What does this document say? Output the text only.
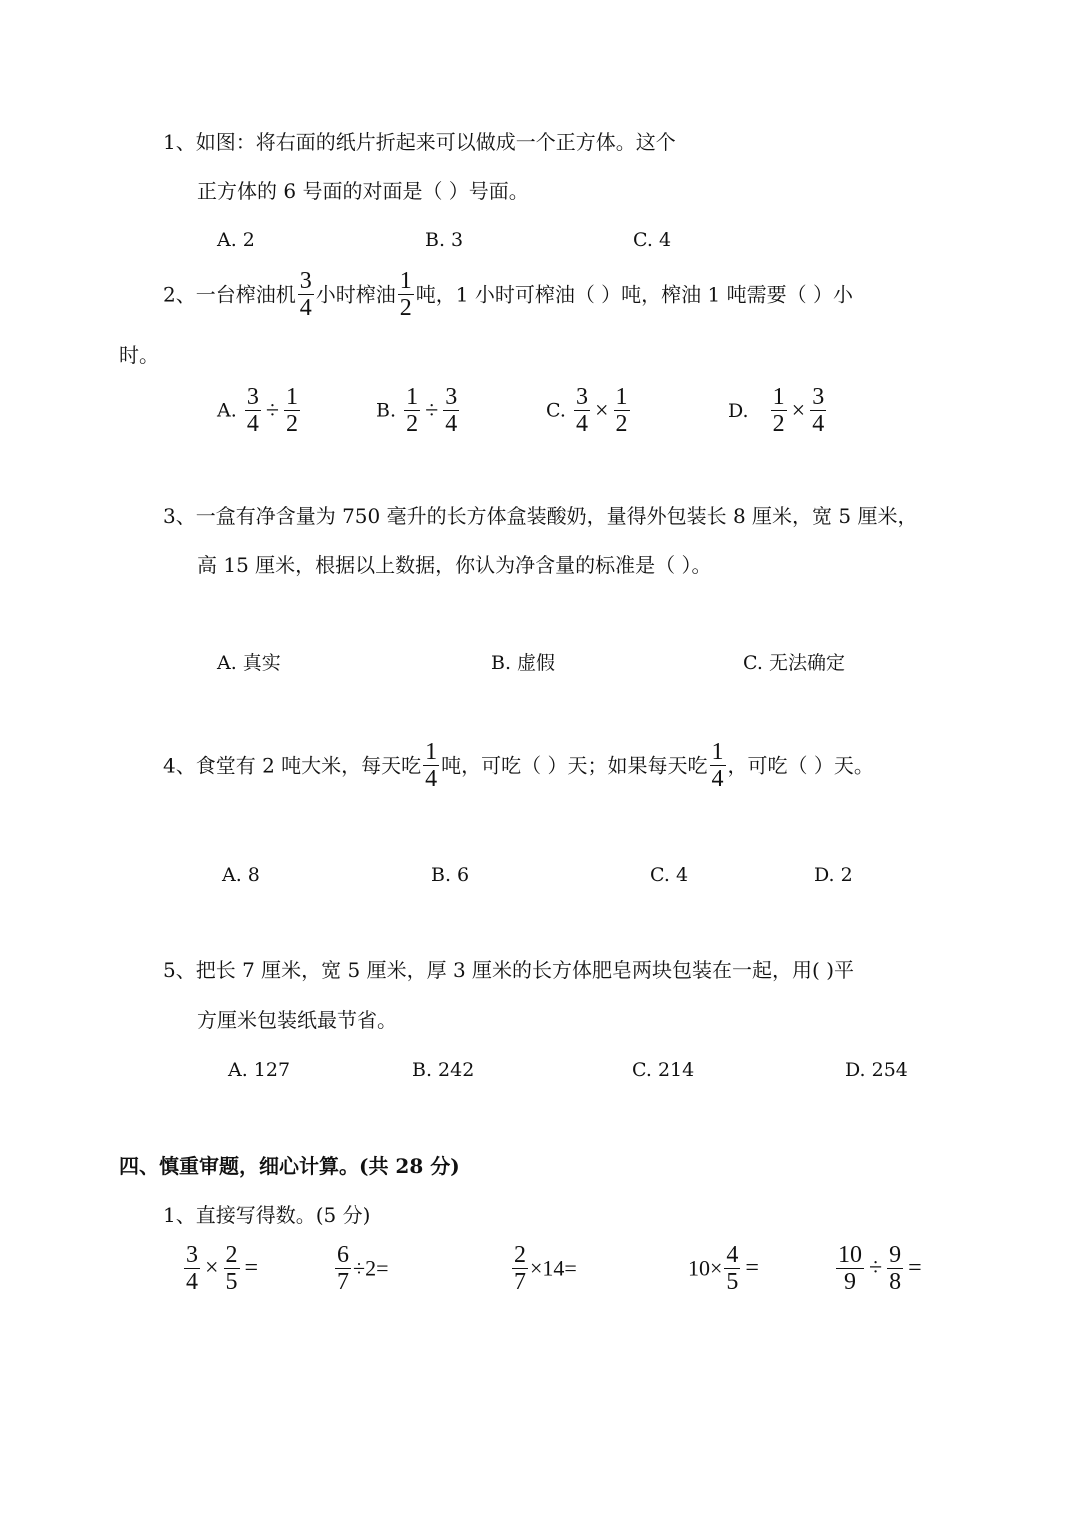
1、如图：将右面的纸片折起来可以做成一个正方体。这个
正方体的 6 号面的对面是（ ）号面。
A. 2	B. 3	C. 4
2、一台榨油机 $\frac{3}{4}$ 小时榨油 $\frac{1}{2}$ 吨，1 小时可榨油（ ）吨，榨油 1 吨需要（ ）小
时。
A. $\frac{3}{4} \div \frac{1}{2}$	B. $\frac{1}{2} \div \frac{3}{4}$	C. $\frac{3}{4} \times \frac{1}{2}$	D. $\frac{1}{2} \times \frac{3}{4}$
3、一盒有净含量为 750 毫升的长方体盒装酸奶，量得外包装长 8 厘米，宽 5 厘米，
高 15 厘米，根据以上数据，你认为净含量的标准是（ ）。
A. 真实	B. 虚假	C. 无法确定
4、食堂有 2 吨大米，每天吃 $\frac{1}{4}$ 吨，可吃（ ）天；如果每天吃 $\frac{1}{4}$ ，可吃（ ）天。
A. 8	B. 6	C. 4	D. 2
5、把长 7 厘米，宽 5 厘米，厚 3 厘米的长方体肥皂两块包装在一起，用( )平
方厘米包装纸最节省。
A. 127	B. 242	C. 214	D. 254
四、慎重审题，细心计算。(共 28 分)
1、直接写得数。(5 分)
$\frac{3}{4} \times \frac{2}{5}$ =	$\frac{6}{7} \div 2=$	$\frac{2}{7} \times 14=$	$10\times \frac{4}{5}$ =	$\frac{10}{9} \div \frac{9}{8}$ =
